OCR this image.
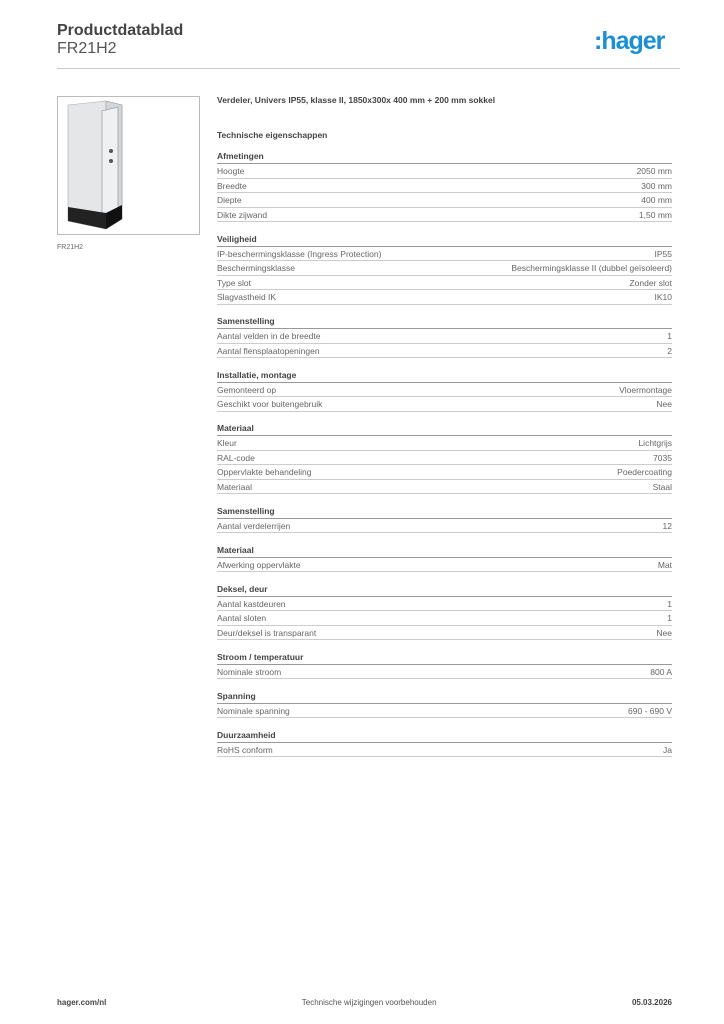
Productdatablad
FR21H2	:hager
FR21H2
Verdeler, Univers IP55, klasse II, 1850x300x 400 mm + 200 mm sokkel
Technische eigenschappen
Afmetingen
Hoogte	2050 mm
Breedte	300 mm
Diepte	400 mm
Dikte zijwand	1,50 mm
Veiligheid
IP-beschermingsklasse (Ingress Protection)	IP55
Beschermingsklasse	Beschermingsklasse II (dubbel geïsoleerd)
Type slot	Zonder slot
Slagvastheid IK	IK10
Samenstelling
Aantal velden in de breedte	1
Aantal flensplaatopeningen	2
Installatie, montage
Gemonteerd op	Vloermontage
Geschikt voor buitengebruik	Nee
Materiaal
Kleur	Lichtgrijs
RAL-code	7035
Oppervlakte behandeling	Poedercoating
Materiaal	Staal
Samenstelling
Aantal verdelerrijen	12
Materiaal
Afwerking oppervlakte	Mat
Deksel, deur
Aantal kastdeuren	1
Aantal sloten	1
Deur/deksel is transparant	Nee
Stroom / temperatuur
Nominale stroom	800 A
Spanning
Nominale spanning	690 - 690 V
Duurzaamheid
RoHS conform	Ja
hager.com/nl	Technische wijzigingen voorbehouden	05.03.2026
